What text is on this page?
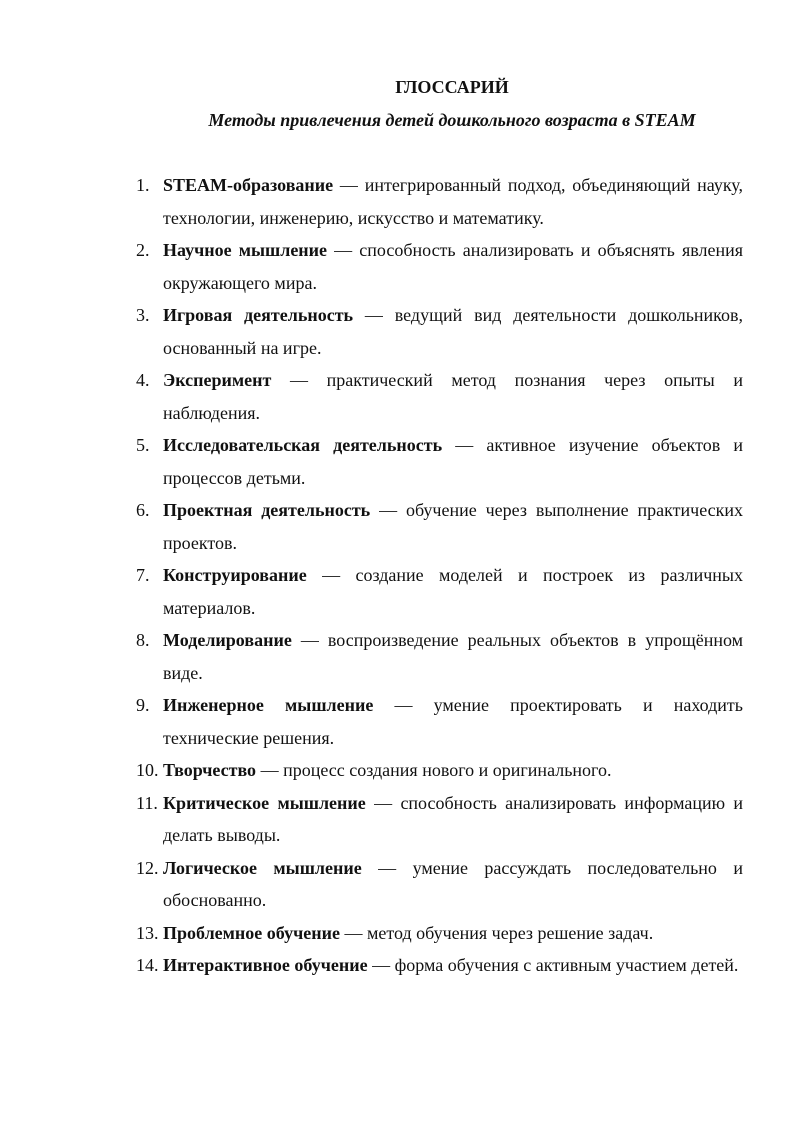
ГЛОССАРИЙ
Методы привлечения детей дошкольного возраста в STEAM
1. STEAM-образование — интегрированный подход, объединяющий науку, технологии, инженерию, искусство и математику.
2. Научное мышление — способность анализировать и объяснять явления окружающего мира.
3. Игровая деятельность — ведущий вид деятельности дошкольников, основанный на игре.
4. Эксперимент — практический метод познания через опыты и наблюдения.
5. Исследовательская деятельность — активное изучение объектов и процессов детьми.
6. Проектная деятельность — обучение через выполнение практических проектов.
7. Конструирование — создание моделей и построек из различных материалов.
8. Моделирование — воспроизведение реальных объектов в упрощённом виде.
9. Инженерное мышление — умение проектировать и находить технические решения.
10. Творчество — процесс создания нового и оригинального.
11. Критическое мышление — способность анализировать информацию и делать выводы.
12. Логическое мышление — умение рассуждать последовательно и обоснованно.
13. Проблемное обучение — метод обучения через решение задач.
14. Интерактивное обучение — форма обучения с активным участием детей.
